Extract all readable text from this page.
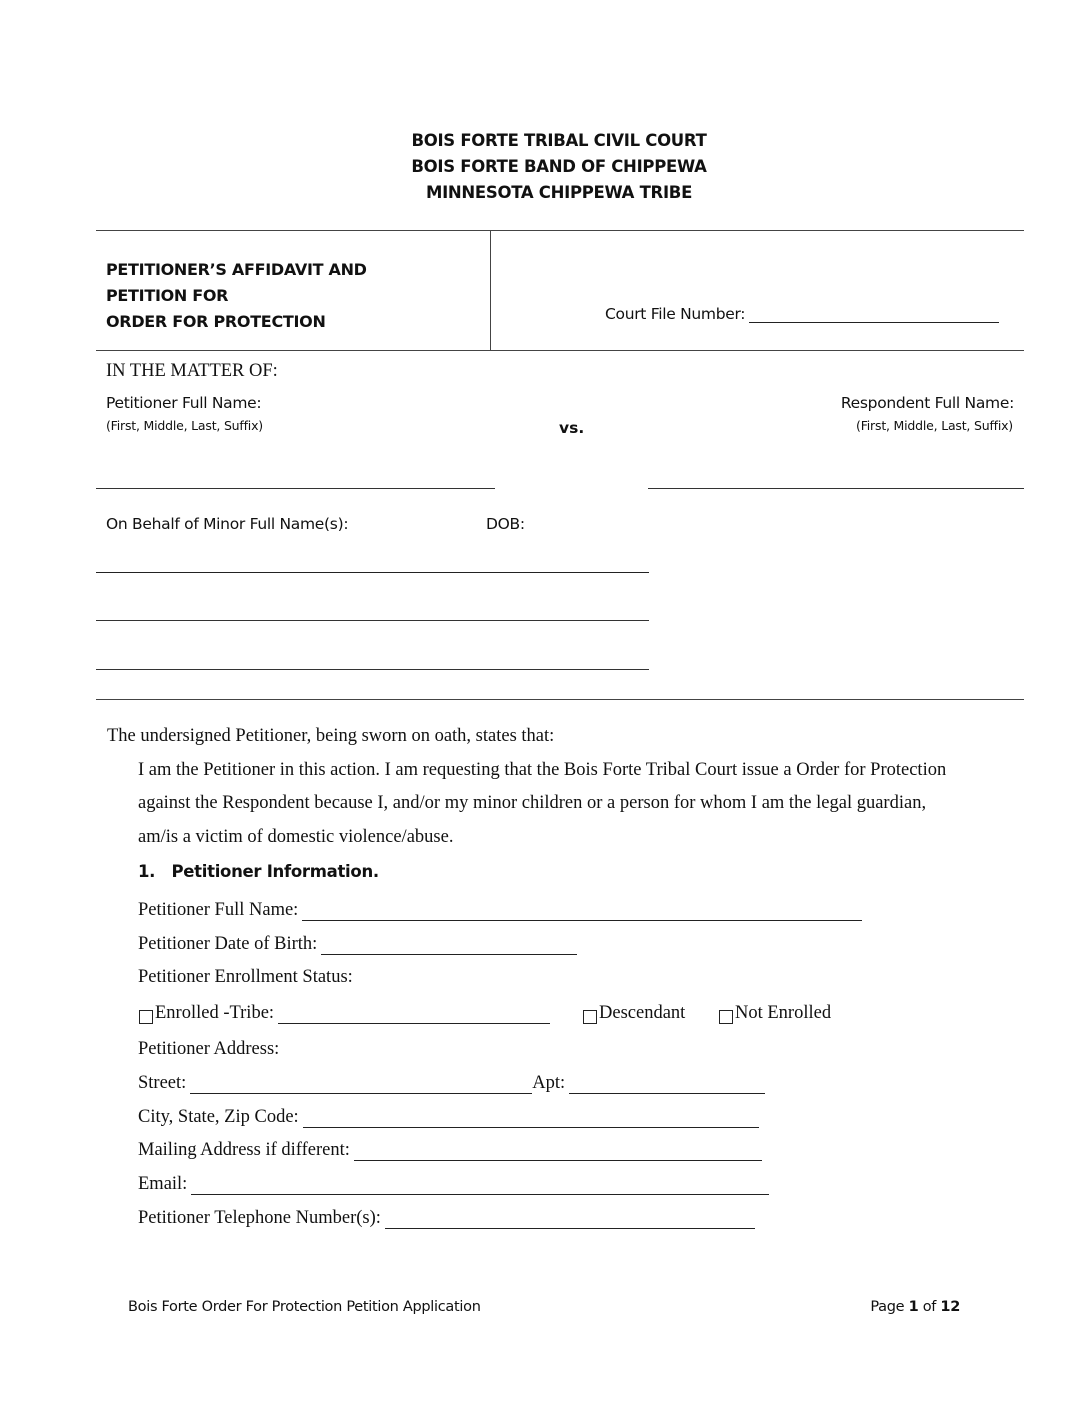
BOIS FORTE TRIBAL CIVIL COURT
BOIS FORTE BAND OF CHIPPEWA
MINNESOTA CHIPPEWA TRIBE
PETITIONER’S AFFIDAVIT AND
PETITION FOR
ORDER FOR PROTECTION	Court File Number:
IN THE MATTER OF:
Petitioner Full Name:
(First, Middle, Last, Suffix)	vs.
Respondent Full Name:
(First, Middle, Last, Suffix)
On Behalf of Minor Full Name(s):	DOB:
The undersigned Petitioner, being sworn on oath, states that:
I am the Petitioner in this action. I am requesting that the Bois Forte Tribal Court issue a Order for Protection
against the Respondent because I, and/or my minor children or a person for whom I am the legal guardian,
am/is a victim of domestic violence/abuse.
1.   Petitioner Information.
Petitioner Full Name:
Petitioner Date of Birth:
Petitioner Enrollment Status:
Enrolled -Tribe:	Descendant	Not Enrolled
Petitioner Address:
Street:	Apt:
City, State, Zip Code:
Mailing Address if different:
Email:
Petitioner Telephone Number(s):
Bois Forte Order For Protection Petition Application	Page 1 of 12
